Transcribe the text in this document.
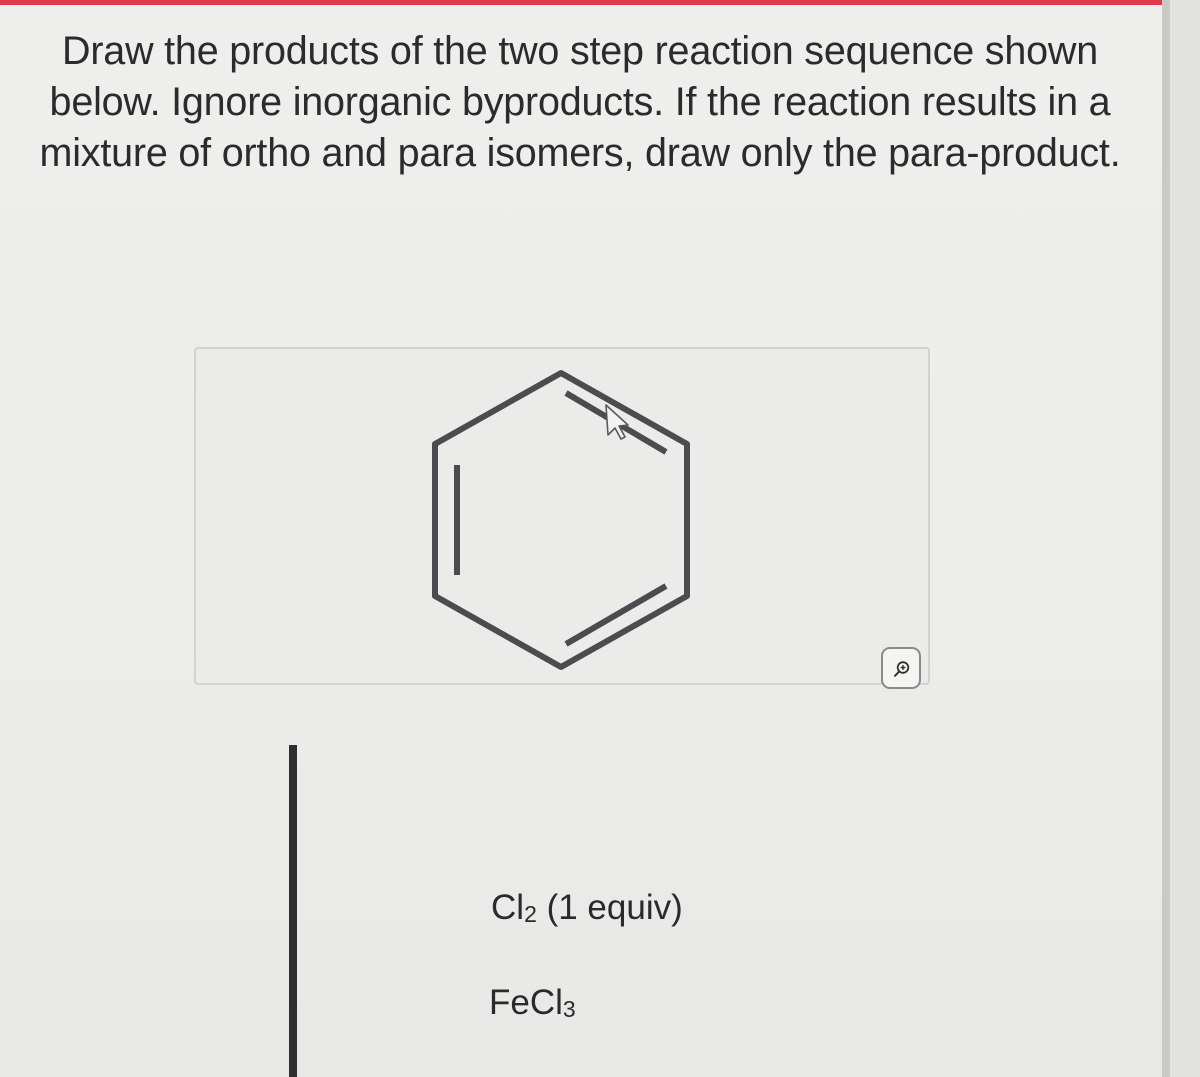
Draw the products of the two step reaction sequence shown below. Ignore inorganic byproducts. If the reaction results in a mixture of ortho and para isomers, draw only the para-product.

$Cl_2$ (1 equiv)
FeCl$_3$
